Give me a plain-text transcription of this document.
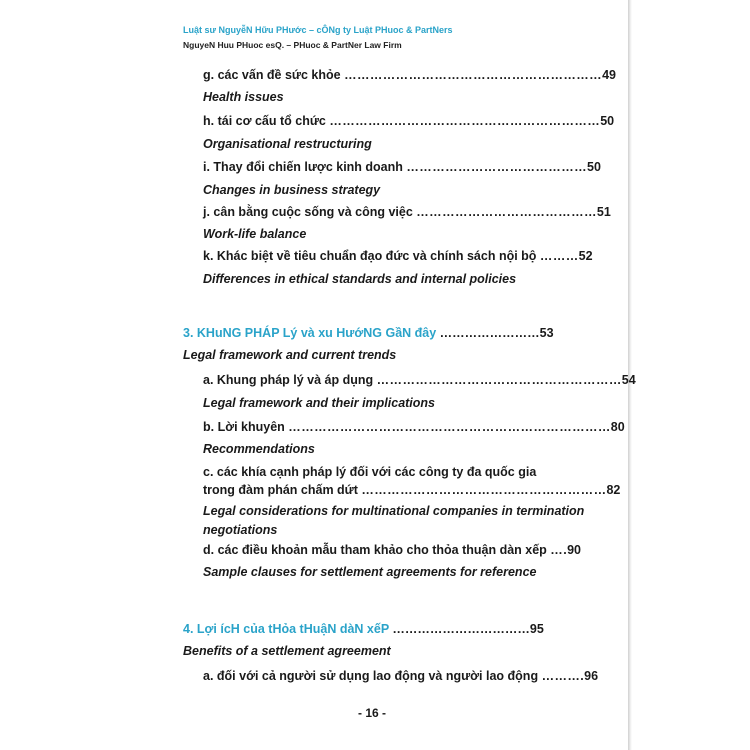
Luật sư NguyễN Hữu PHước – cÔNg ty Luật PHuoc & PartNers
NguyeN Huu PHuoc esQ. – PHuoc & PartNer Law Firm
g. các vấn đề sức khỏe ……………………………………………………49
Health issues
h. tái cơ cấu tổ chức ………………………………………………………50
Organisational restructuring
i. Thay đổi chiến lược kinh doanh ……………………………………50
Changes in business strategy
j. cân bằng cuộc sống và công việc ……………………………………51
Work-life balance
k. Khác biệt về tiêu chuẩn đạo đức và chính sách nội bộ ………52
Differences in ethical standards and internal policies
3. KHuNG PHÁP Lý và xu HướNG GầN đây ……………………53
Legal framework and current trends
a. Khung pháp lý và áp dụng …………………………………………………54
Legal framework and their implications
b. Lời khuyên …………………………………………………………………80
Recommendations
c. các khía cạnh pháp lý đối với các công ty đa quốc gia
trong đàm phán chấm dứt …………………………………………………82
Legal considerations for multinational companies in termination
negotiations
d. các điều khoản mẫu tham khảo cho thỏa thuận dàn xếp ….90
Sample clauses for settlement agreements for reference
4. Lợi ícH của tHỏa tHuậN dàN xếP ……………………………95
Benefits of a settlement agreement
a. đối với cả người sử dụng lao động và người lao động ……….96
- 16 -
